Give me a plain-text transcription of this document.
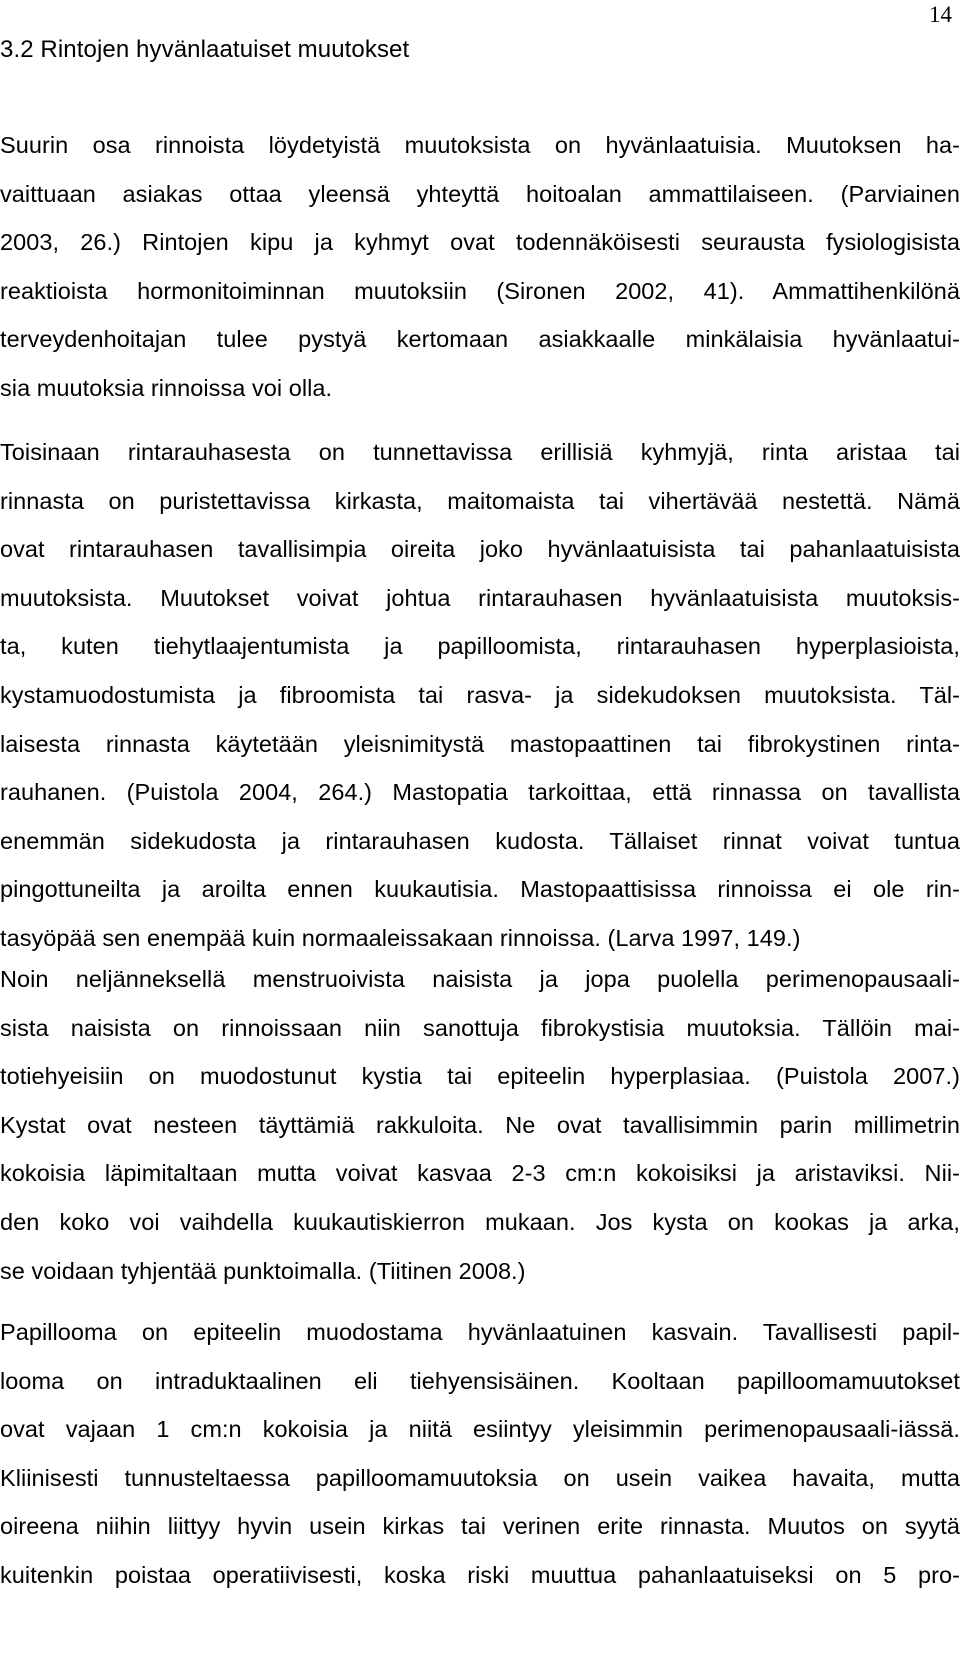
14
3.2 Rintojen hyvänlaatuiset muutokset
Suurin osa rinnoista löydetyistä muutoksista on hyvänlaatuisia. Muutoksen ha-
vaittuaan asiakas ottaa yleensä yhteyttä hoitoalan ammattilaiseen. (Parviainen
2003, 26.) Rintojen kipu ja kyhmyt ovat todennäköisesti seurausta fysiologisista
reaktioista hormonitoiminnan muutoksiin (Sironen 2002, 41). Ammattihenkilönä
terveydenhoitajan tulee pystyä kertomaan asiakkaalle minkälaisia hyvänlaatui-
sia muutoksia rinnoissa voi olla.
Toisinaan rintarauhasesta on tunnettavissa erillisiä kyhmyjä, rinta aristaa tai
rinnasta on puristettavissa kirkasta, maitomaista tai vihertävää nestettä. Nämä
ovat rintarauhasen tavallisimpia oireita joko hyvänlaatuisista tai pahanlaatuisista
muutoksista. Muutokset voivat johtua rintarauhasen hyvänlaatuisista muutoksis-
ta, kuten tiehytlaajentumista ja papilloomista, rintarauhasen hyperplasioista,
kystamuodostumista ja fibroomista tai rasva- ja sidekudoksen muutoksista. Täl-
laisesta rinnasta käytetään yleisnimitystä mastopaattinen tai fibrokystinen rinta-
rauhanen. (Puistola 2004, 264.) Mastopatia tarkoittaa, että rinnassa on tavallista
enemmän sidekudosta ja rintarauhasen kudosta. Tällaiset rinnat voivat tuntua
pingottuneilta ja aroilta ennen kuukautisia. Mastopaattisissa rinnoissa ei ole rin-
tasyöpää sen enempää kuin normaaleissakaan rinnoissa. (Larva 1997, 149.)
Noin neljänneksellä menstruoivista naisista ja jopa puolella perimenopausaali-
sista naisista on rinnoissaan niin sanottuja fibrokystisia muutoksia. Tällöin mai-
totiehyeisiin on muodostunut kystia tai epiteelin hyperplasiaa. (Puistola 2007.)
Kystat ovat nesteen täyttämiä rakkuloita. Ne ovat tavallisimmin parin millimetrin
kokoisia läpimitaltaan mutta voivat kasvaa 2-3 cm:n kokoisiksi ja aristaviksi. Nii-
den koko voi vaihdella kuukautiskierron mukaan. Jos kysta on kookas ja arka,
se voidaan tyhjentää punktoimalla. (Tiitinen 2008.)
Papillooma on epiteelin muodostama hyvänlaatuinen kasvain. Tavallisesti papil-
looma on intraduktaalinen eli tiehyensisäinen. Kooltaan papilloomamuutokset
ovat vajaan 1 cm:n kokoisia ja niitä esiintyy yleisimmin perimenopausaali-iässä.
Kliinisesti tunnusteltaessa papilloomamuutoksia on usein vaikea havaita, mutta
oireena niihin liittyy hyvin usein kirkas tai verinen erite rinnasta. Muutos on syytä
kuitenkin poistaa operatiivisesti, koska riski muuttua pahanlaatuiseksi on 5 pro-
